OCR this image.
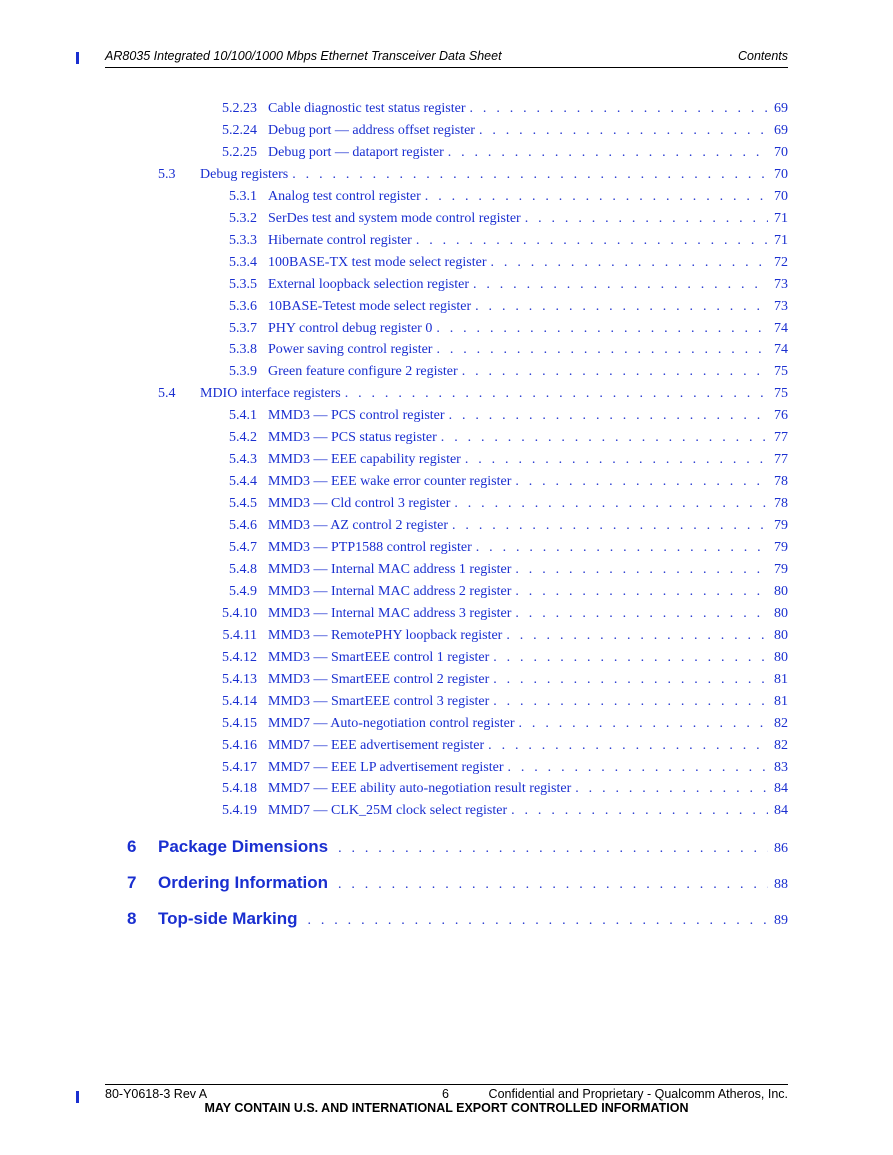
AR8035 Integrated 10/100/1000 Mbps Ethernet Transceiver Data Sheet	Contents
5.2.23 Cable diagnostic test status register . . .	69
5.2.24 Debug port — address offset register . . .	69
5.2.25 Debug port — dataport register . . .	70
5.3 Debug registers . . .	70
5.3.1 Analog test control register . . .	70
5.3.2 SerDes test and system mode control register . . .	71
5.3.3 Hibernate control register . . .	71
5.3.4 100BASE-TX test mode select register . . .	72
5.3.5 External loopback selection register . . .	73
5.3.6 10BASE-Tetest mode select register . . .	73
5.3.7 PHY control debug register 0 . . .	74
5.3.8 Power saving control register . . .	74
5.3.9 Green feature configure 2 register . . .	75
5.4 MDIO interface registers . . .	75
5.4.1 MMD3 — PCS control register . . .	76
5.4.2 MMD3 — PCS status register . . .	77
5.4.3 MMD3 — EEE capability register . . .	77
5.4.4 MMD3 — EEE wake error counter register . . .	78
5.4.5 MMD3 — Cld control 3 register . . .	78
5.4.6 MMD3 — AZ control 2 register . . .	79
5.4.7 MMD3 — PTP1588 control register . . .	79
5.4.8 MMD3 — Internal MAC address 1 register . . .	79
5.4.9 MMD3 — Internal MAC address 2 register . . .	80
5.4.10 MMD3 — Internal MAC address 3 register . . .	80
5.4.11 MMD3 — RemotePHY loopback register . . .	80
5.4.12 MMD3 — SmartEEE control 1 register . . .	80
5.4.13 MMD3 — SmartEEE control 2 register . . .	81
5.4.14 MMD3 — SmartEEE control 3 register . . .	81
5.4.15 MMD7 — Auto-negotiation control register . . .	82
5.4.16 MMD7 — EEE advertisement register . . .	82
5.4.17 MMD7 — EEE LP advertisement register . . .	83
5.4.18 MMD7 — EEE ability auto-negotiation result register . . .	84
5.4.19 MMD7 — CLK_25M clock select register . . .	84
6 Package Dimensions . . .	86
7 Ordering Information . . .	88
8 Top-side Marking . . .	89
80-Y0618-3 Rev A	6	Confidential and Proprietary - Qualcomm Atheros, Inc.
MAY CONTAIN U.S. AND INTERNATIONAL EXPORT CONTROLLED INFORMATION
